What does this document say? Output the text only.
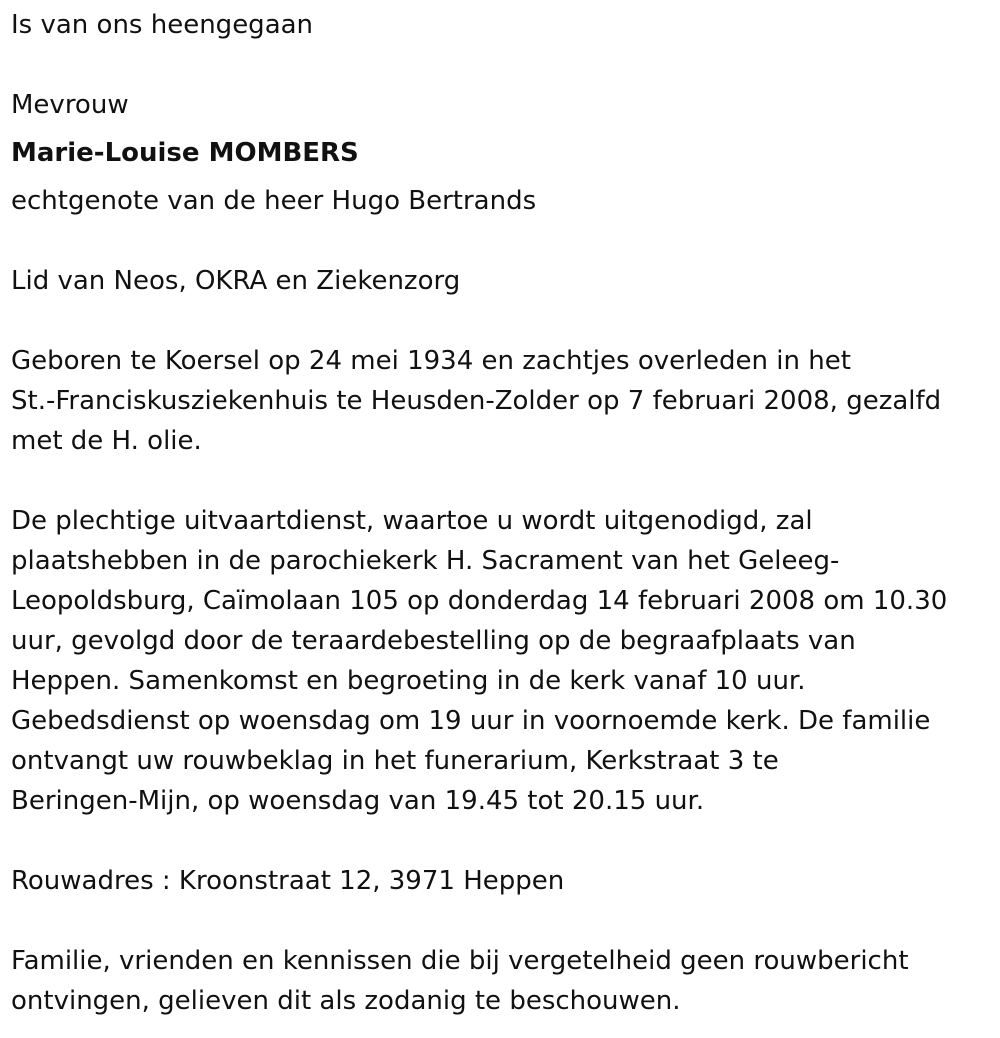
Is van ons heengegaan
Mevrouw
Marie-Louise MOMBERS
echtgenote van de heer Hugo Bertrands
Lid van Neos, OKRA en Ziekenzorg
Geboren te Koersel op 24 mei 1934 en zachtjes overleden in het
St.-Franciskusziekenhuis te Heusden-Zolder op 7 februari 2008, gezalfd
met de H. olie.
De plechtige uitvaartdienst, waartoe u wordt uitgenodigd, zal
plaatshebben in de parochiekerk H. Sacrament van het Geleeg-
Leopoldsburg, Caïmolaan 105 op donderdag 14 februari 2008 om 10.30
uur, gevolgd door de teraardebestelling op de begraafplaats van
Heppen. Samenkomst en begroeting in de kerk vanaf 10 uur.
Gebedsdienst op woensdag om 19 uur in voornoemde kerk. De familie
ontvangt uw rouwbeklag in het funerarium, Kerkstraat 3 te
Beringen-Mijn, op woensdag van 19.45 tot 20.15 uur.
Rouwadres : Kroonstraat 12, 3971 Heppen
Familie, vrienden en kennissen die bij vergetelheid geen rouwbericht
ontvingen, gelieven dit als zodanig te beschouwen.
